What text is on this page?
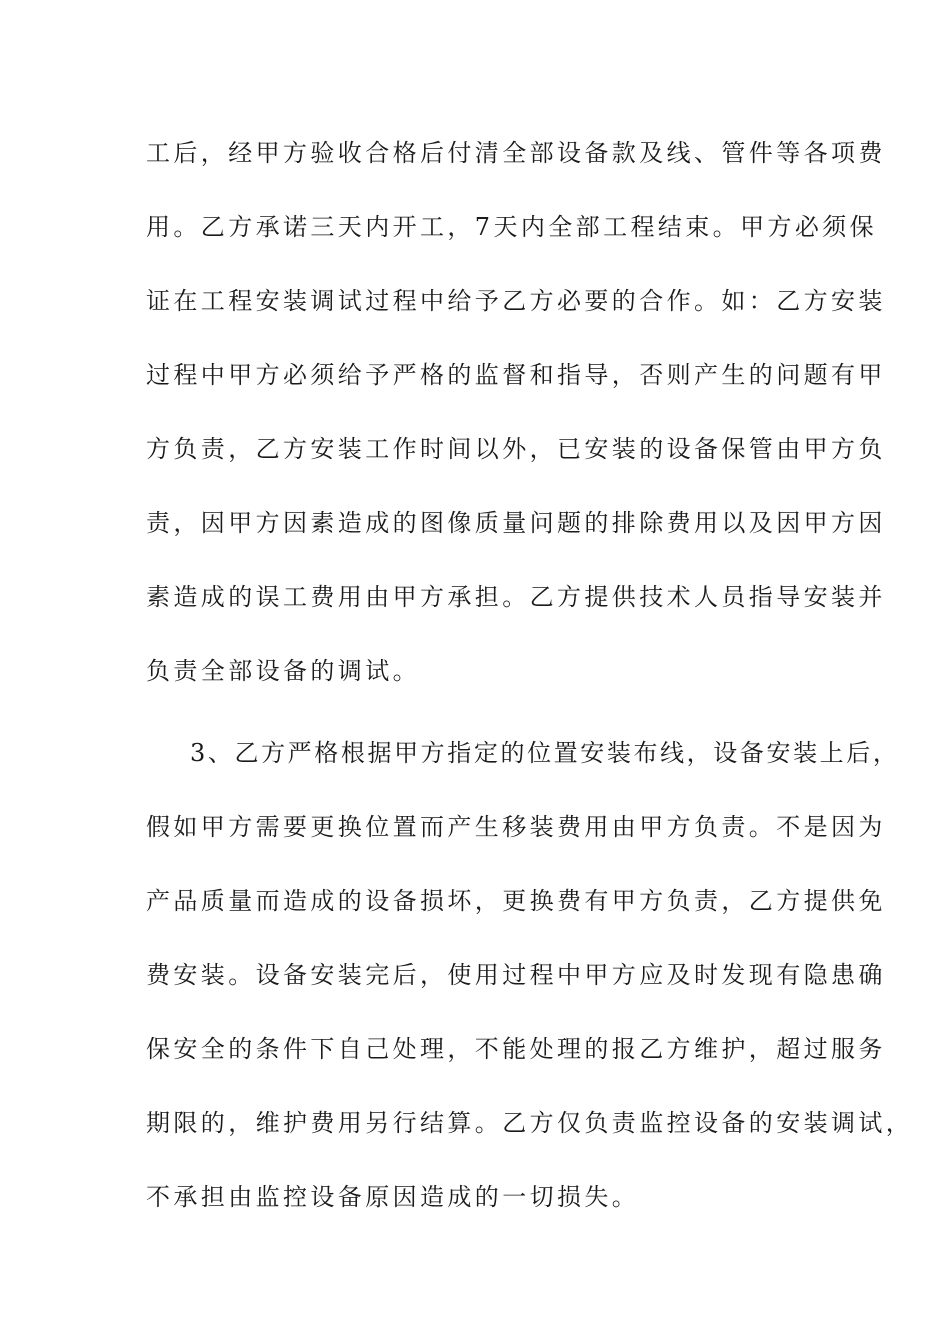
工后，经甲方验收合格后付清全部设备款及线、管件等各项费
用。乙方承诺三天内开工，7天内全部工程结束。甲方必须保
证在工程安装调试过程中给予乙方必要的合作。如：乙方安装
过程中甲方必须给予严格的监督和指导，否则产生的问题有甲
方负责，乙方安装工作时间以外，已安装的设备保管由甲方负
责，因甲方因素造成的图像质量问题的排除费用以及因甲方因
素造成的误工费用由甲方承担。乙方提供技术人员指导安装并
负责全部设备的调试。
3、乙方严格根据甲方指定的位置安装布线，设备安装上后，
假如甲方需要更换位置而产生移装费用由甲方负责。不是因为
产品质量而造成的设备损坏，更换费有甲方负责，乙方提供免
费安装。设备安装完后，使用过程中甲方应及时发现有隐患确
保安全的条件下自己处理，不能处理的报乙方维护，超过服务
期限的，维护费用另行结算。乙方仅负责监控设备的安装调试，
不承担由监控设备原因造成的一切损失。
